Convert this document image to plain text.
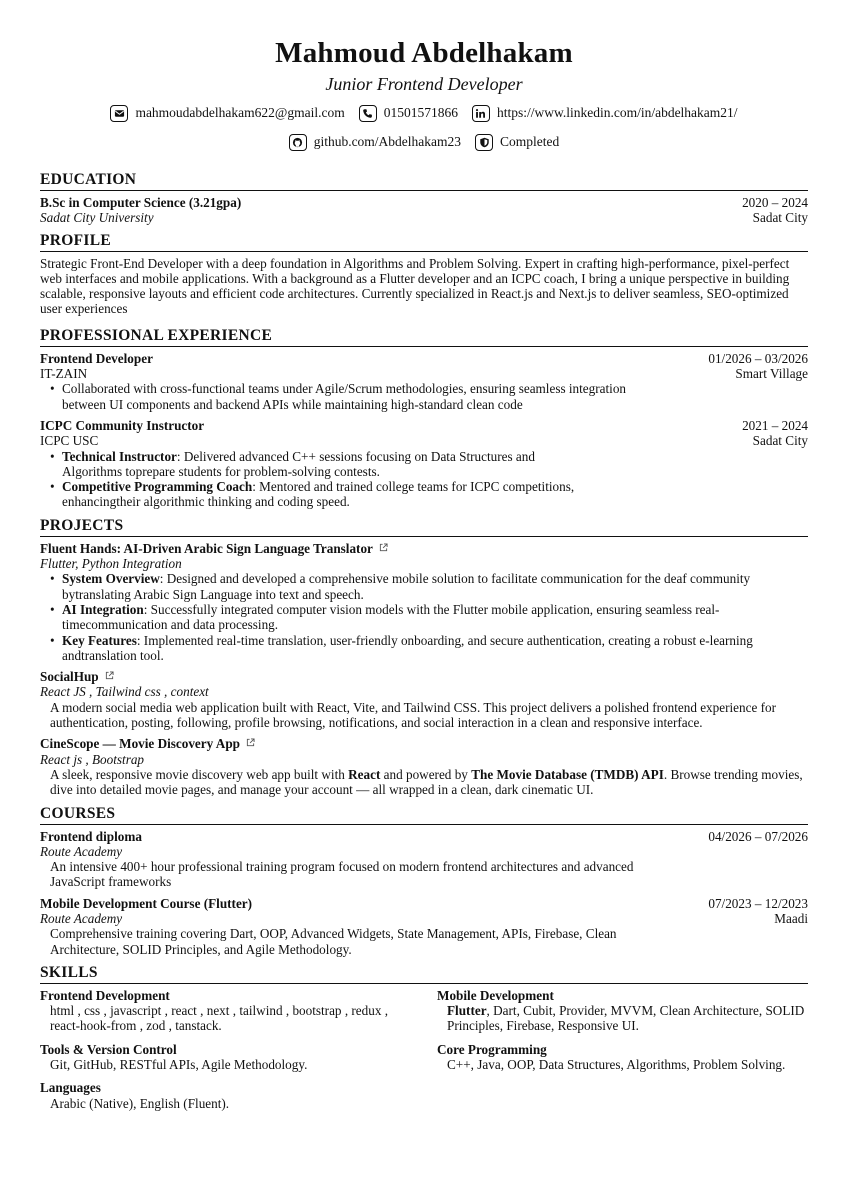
Mahmoud Abdelhakam
Junior Frontend Developer
mahmoudabdelhakam622@gmail.com	01501571866	https://www.linkedin.com/in/abdelhakam21/
github.com/Abdelhakam23	Completed
EDUCATION
B.Sc in Computer Science (3.21gpa)	2020 – 2024
Sadat City University	Sadat City
PROFILE
Strategic Front-End Developer with a deep foundation in Algorithms and Problem Solving. Expert in crafting high-performance, pixel-perfect web interfaces and mobile applications. With a background as a Flutter developer and an ICPC coach, I bring a unique perspective in building scalable, responsive layouts and efficient code architectures. Currently specialized in React.js and Next.js to deliver seamless, SEO-optimized user experiences
PROFESSIONAL EXPERIENCE
Frontend Developer	01/2026 – 03/2026
IT-ZAIN	Smart Village
• Collaborated with cross-functional teams under Agile/Scrum methodologies, ensuring seamless integration between UI components and backend APIs while maintaining high-standard clean code
ICPC Community Instructor	2021 – 2024
ICPC USC	Sadat City
• Technical Instructor: Delivered advanced C++ sessions focusing on Data Structures and Algorithms toprepare students for problem-solving contests.
• Competitive Programming Coach: Mentored and trained college teams for ICPC competitions, enhancingtheir algorithmic thinking and coding speed.
PROJECTS
Fluent Hands: AI-Driven Arabic Sign Language Translator
Flutter, Python Integration
• System Overview: Designed and developed a comprehensive mobile solution to facilitate communication for the deaf community bytranslating Arabic Sign Language into text and speech.
• AI Integration: Successfully integrated computer vision models with the Flutter mobile application, ensuring seamless real-timecommunication and data processing.
• Key Features: Implemented real-time translation, user-friendly onboarding, and secure authentication, creating a robust e-learning andtranslation tool.
SocialHup
React JS , Tailwind css , context
A modern social media web application built with React, Vite, and Tailwind CSS. This project delivers a polished frontend experience for authentication, posting, following, profile browsing, notifications, and social interaction in a clean and responsive interface.
CineScope — Movie Discovery App
React js , Bootstrap
A sleek, responsive movie discovery web app built with React and powered by The Movie Database (TMDB) API. Browse trending movies, dive into detailed movie pages, and manage your account — all wrapped in a clean, dark cinematic UI.
COURSES
Frontend diploma	04/2026 – 07/2026
Route Academy
An intensive 400+ hour professional training program focused on modern frontend architectures and advanced JavaScript frameworks
Mobile Development Course (Flutter)	07/2023 – 12/2023
Route Academy	Maadi
Comprehensive training covering Dart, OOP, Advanced Widgets, State Management, APIs, Firebase, Clean Architecture, SOLID Principles, and Agile Methodology.
SKILLS
Frontend Development
html , css , javascript , react , next , tailwind , bootstrap , redux , react-hook-from , zod , tanstack.
Mobile Development
Flutter, Dart, Cubit, Provider, MVVM, Clean Architecture, SOLID Principles, Firebase, Responsive UI.
Tools & Version Control
Git, GitHub, RESTful APIs, Agile Methodology.
Core Programming
C++, Java, OOP, Data Structures, Algorithms, Problem Solving.
Languages
Arabic (Native), English (Fluent).
